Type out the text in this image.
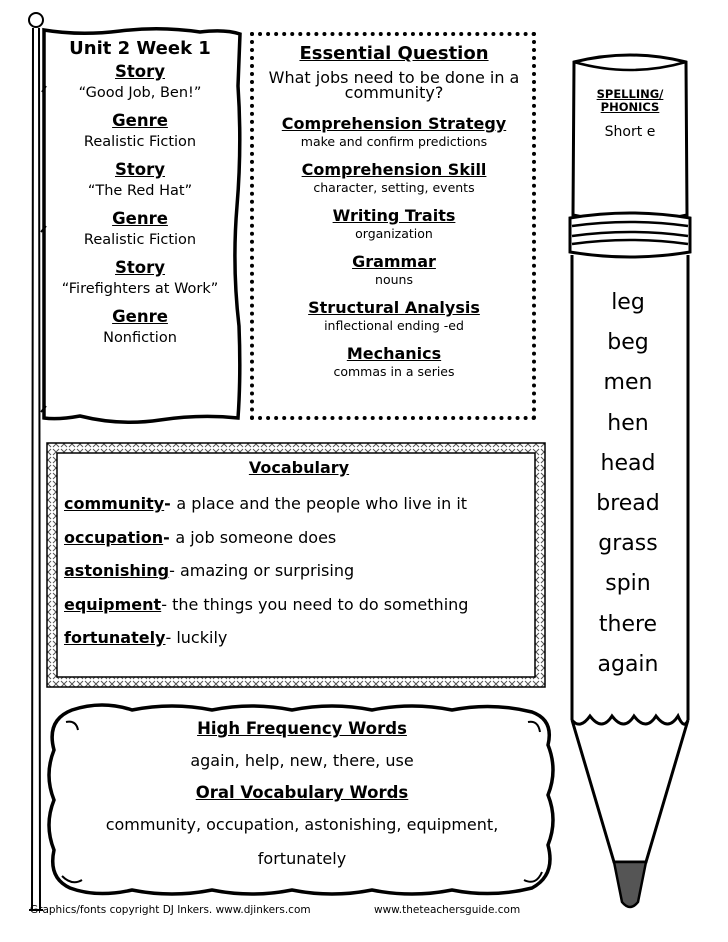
Unit 2 Week 1
Story
“Good Job, Ben!”
Genre
Realistic Fiction
Story
“The Red Hat”
Genre
Realistic Fiction
Story
“Firefighters at Work”
Genre
Nonfiction
Essential Question
What jobs need to be done in a community?
Comprehension Strategy
make and confirm predictions
Comprehension Skill
character, setting, events
Writing Traits
organization
Grammar
nouns
Structural Analysis
inflectional ending -ed
Mechanics
commas in a series
Vocabulary
community- a place and the people who live in it
occupation- a job someone does
astonishing- amazing or surprising
equipment- the things you need to do something
fortunately- luckily
High Frequency Words
again, help, new, there, use
Oral Vocabulary Words
community, occupation, astonishing, equipment,
fortunately
SPELLING/
PHONICS
Short e
leg
beg
men
hen
head
bread
grass
spin
there
again
Graphics/fonts copyright DJ Inkers. www.djinkers.com	www.theteachersguide.com
